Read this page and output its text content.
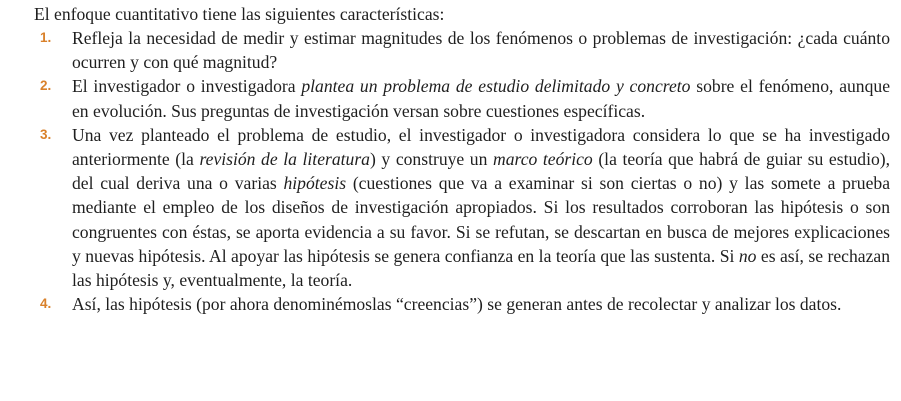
El enfoque cuantitativo tiene las siguientes características:

1. Refleja la necesidad de medir y estimar magnitudes de los fenómenos o problemas de investigación: ¿cada cuánto ocurren y con qué magnitud?
2. El investigador o investigadora plantea un problema de estudio delimitado y concreto sobre el fenómeno, aunque en evolución. Sus preguntas de investigación versan sobre cuestiones específicas.
3. Una vez planteado el problema de estudio, el investigador o investigadora considera lo que se ha investigado anteriormente (la revisión de la literatura) y construye un marco teórico (la teoría que habrá de guiar su estudio), del cual deriva una o varias hipótesis (cuestiones que va a examinar si son ciertas o no) y las somete a prueba mediante el empleo de los diseños de investigación apropiados. Si los resultados corroboran las hipótesis o son congruentes con éstas, se aporta evidencia a su favor. Si se refutan, se descartan en busca de mejores explicaciones y nuevas hipótesis. Al apoyar las hipótesis se genera confianza en la teoría que las sustenta. Si no es así, se rechazan las hipótesis y, eventualmente, la teoría.
4. Así, las hipótesis (por ahora denominémoslas “creencias”) se generan antes de recolectar y analizar los datos.
